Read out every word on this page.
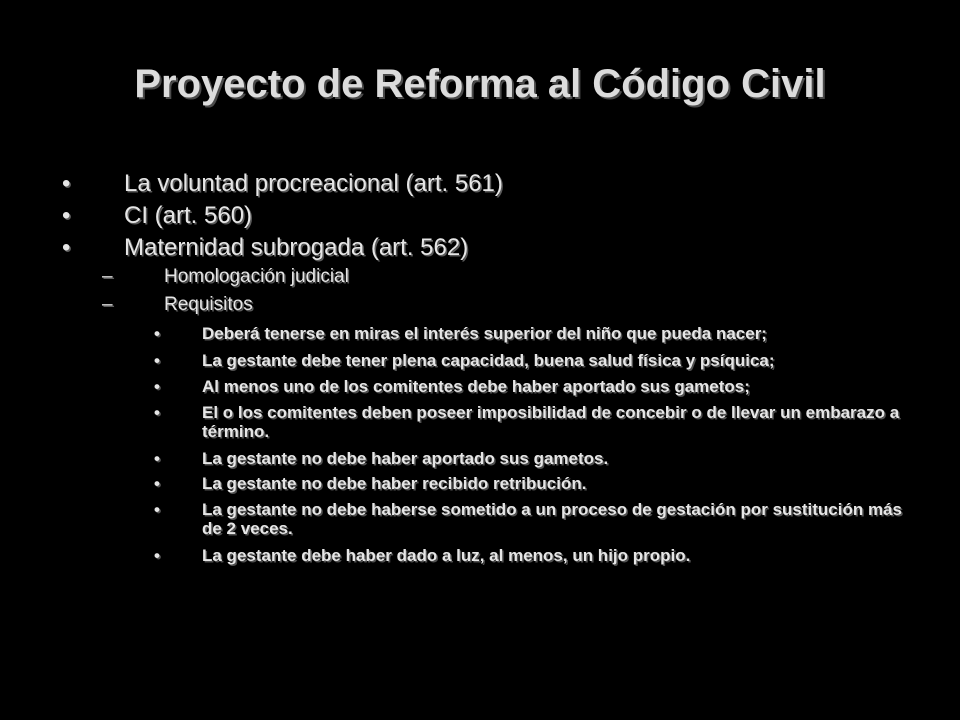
Proyecto de Reforma al Código Civil
• La voluntad procreacional (art. 561)
• CI (art. 560)
• Maternidad subrogada (art. 562)
–	Homologación judicial
–	Requisitos
• Deberá tenerse en miras el interés superior del niño que pueda nacer;
• La gestante debe tener plena capacidad, buena salud física y psíquica;
• Al menos uno de los comitentes debe haber aportado sus gametos;
• El o los comitentes deben poseer imposibilidad de concebir o de llevar un embarazo a término.
• La gestante no debe haber aportado sus gametos.
• La gestante no debe haber recibido retribución.
• La gestante no debe haberse sometido a un proceso de gestación por sustitución más de 2 veces.
• La gestante debe haber dado a luz, al menos, un hijo propio.
